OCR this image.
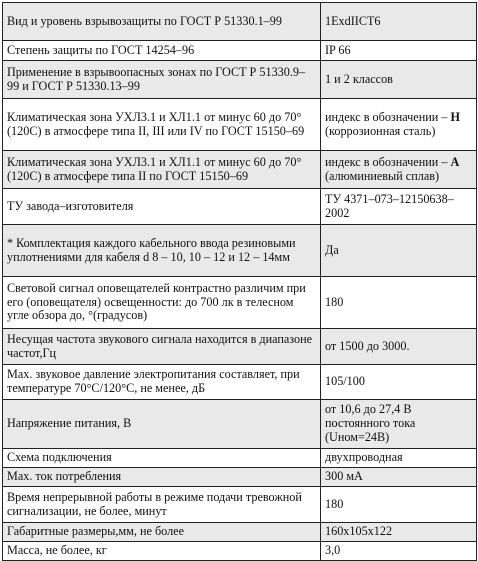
Вид и уровень взрывозащиты по ГОСТ Р 51330.1–99	1ExdIICT6
Степень защиты по ГОСТ 14254–96	IP 66
Применение в взрывоопасных зонах по ГОСТ Р 51330.9–99 и ГОСТ Р 51330.13–99	1 и 2 классов
Климатическая зона УХЛ3.1 и ХЛ1.1 от минус 60 до 70°(120С) в атмосфере типа II, III или IV по ГОСТ 15150–69	индекс в обозначении – Н (коррозионная сталь)
Климатическая зона УХЛ3.1 и ХЛ1.1 от минус 60 до 70°(120С) в атмосфере типа II по ГОСТ 15150–69	индекс в обозначении – А (алюминиевый сплав)
ТУ завода–изготовителя	ТУ 4371–073–12150638–2002
* Комплектация каждого кабельного ввода резиновыми уплотнениями для кабеля d 8 – 10, 10 – 12 и 12 – 14мм	Да
Световой сигнал оповещателей контрастно различим при его (оповещателя) освещенности: до 700 лк в телесном угле обзора до, °(градусов)	180
Несущая частота звукового сигнала находится в диапазоне частот,Гц	от 1500 до 3000.
Max. звуковое давление электропитания составляет, при температуре 70°С/120°С, не менее, дБ	105/100
Напряжение питания, В	от 10,6 до 27,4 В постоянного тока (Uном=24В)
Схема подключения	двухпроводная
Max. ток потребления	300 мА
Время непрерывной работы в режиме подачи тревожной сигнализации, не более, минут	180
Габаритные размеры,мм, не более	160х105х122
Масса, не более, кг	3,0
